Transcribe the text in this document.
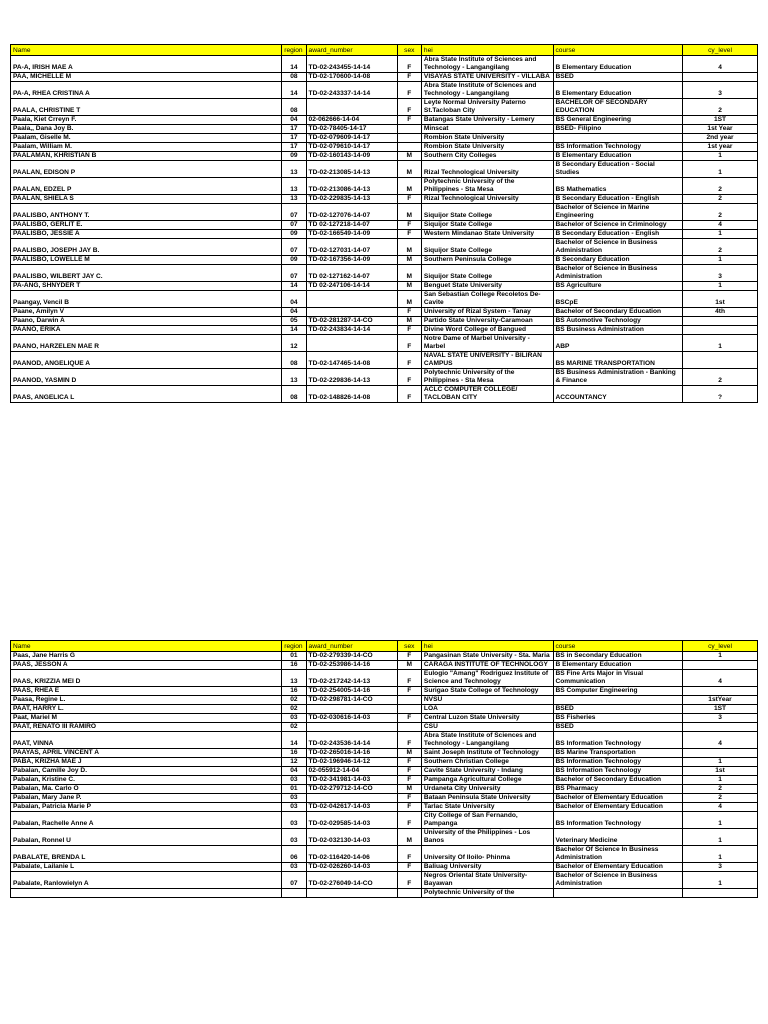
Name	region	award_number	sex	hei	course	cy_level
PA-A, IRISH MAE A	14	TD-02-243455-14-14	F	Abra State Institute of Sciences and Technology - Langangilang	B Elementary Education	4
PAA, MICHELLE M	08	TD-02-170600-14-08	F	VISAYAS STATE UNIVERSITY - VILLABA	BSED	
PA-A, RHEA CRISTINA A	14	TD-02-243337-14-14	F	Abra State Institute of Sciences and Technology - Langangilang	B Elementary Education	3
PAALA, CHRISTINE T	08		F	Leyte Normal University Paterno St.Tacloban City	BACHELOR OF SECONDARY EDUCATION	2
Paala, Kiet Crreyn F.	04	02-062666-14-04	F	Batangas State University - Lemery	BS General Engineering	1ST
Paala,, Dana Joy B.	17	TD-02-78405-14-17		Minscat	BSED- Filipino	1st Year
Paalam, Giselle M.	17	TD-02-079609-14-17		Rombion State University		2nd year
Paalam, William M.	17	TD-02-079610-14-17		Rombion State University	BS Information Technology	1st year
PAALAMAN, KHRISTIAN B	09	TD-02-160143-14-09	M	Southern City Colleges	B Elementary Education	1
PAALAN, EDISON P	13	TD-02-213085-14-13	M	Rizal Technological University	B Secondary Education - Social Studies	1
PAALAN, EDZEL P	13	TD-02-213086-14-13	M	Polytechnic University of the Philippines - Sta Mesa	BS Mathematics	2
PAALAN, SHIELA S	13	TD-02-229835-14-13	F	Rizal Technological University	B Secondary Education - English	2
PAALISBO, ANTHONY T.	07	TD-02-127076-14-07	M	Siquijor State College	Bachelor of Science in Marine Engineering	2
PAALISBO, GERLIT E.	07	TD 02-127218-14-07	F	Siquijor State College	Bachelor of Science in Criminology	4
PAALISBO, JESSIE A	09	TD-02-166549-14-09	F	Western Mindanao State University	B Secondary Education - English	1
PAALISBO, JOSEPH JAY B.	07	TD-02-127031-14-07	M	Siquijor State College	Bachelor of Science in Business Administration	2
PAALISBO, LOWELLE M	09	TD-02-167356-14-09	M	Southern Peninsula College	B Secondary Education	1
PAALISBO, WILBERT JAY C.	07	TD 02-127162-14-07	M	Siquijor State College	Bachelor of Science in Business Administration	3
PA-ANG, SHNYDER T	14	TD 02-247106-14-14	M	Benguet State University	BS Agriculture	1
Paangay, Vencil B	04		M	San Sebastian College Recoletos De-Cavite	BSCpE	1st
Paane, Amilyn V	04		F	University of Rizal System - Tanay	Bachelor of Secondary Education	4th
Paano, Darwin A	05	TD-02-281287-14-CO	M	Partido State University-Caramoan	BS Automotive Technology	
PAANO, ERIKA	14	TD-02-243834-14-14	F	Divine Word College of Bangued	BS Business Administration	
PAANO, HARZELEN MAE R	12		F	Notre Dame of Marbel University - Marbel	ABP	1
PAANOD, ANGELIQUE A	08	TD-02-147465-14-08	F	NAVAL STATE UNIVERSITY - BILIRAN CAMPUS	BS MARINE TRANSPORTATION	
PAANOD, YASMIN D	13	TD-02-229836-14-13	F	Polytechnic University of the Philippines - Sta Mesa	BS Business Administration - Banking & Finance	2
PAAS, ANGELICA L	08	TD-02-148826-14-08	F	ACLC COMPUTER COLLEGE/ TACLOBAN CITY	ACCOUNTANCY	?
Name	region	award_number	sex	hei	course	cy_level
Paas, Jane Harris G	01	TD-02-279339-14-CO	F	Pangasinan State University - Sta. Maria	BS in Secondary Education	1
PAAS, JESSON A	16	TD-02-253986-14-16	M	CARAGA INSTITUTE OF TECHNOLOGY	B Elementary Education	
PAAS, KRIZZIA MEI D	13	TD-02-217242-14-13	F	Eulogio "Amang" Rodriguez Institute of Science and Technology	BS Fine Arts Major in Visual Communication	4
PAAS, RHEA E	16	TD-02-254005-14-16	F	Surigao State College of Technology	BS Computer Engineering	
Paasa, Regine L.	02	TD-02-298781-14-CO		NVSU		1stYear
PAAT, HARRY L.	02			LOA	BSED	1ST
Paat, Mariel M	03	TD-02-030616-14-03	F	Central Luzon State University	BS Fisheries	3
PAAT, RENATO III RAMIRO	02			CSU	BSED	
PAAT, VINNA	14	TD-02-243536-14-14	F	Abra State Institute of Sciences and Technology - Langangilang	BS Information Technology	4
PAAYAS, APRIL VINCENT A	16	TD-02-265016-14-16	M	Saint Joseph Institute of Technology	BS Marine Transportation	
PABA, KRIZHA MAE J	12	TD-02-196946-14-12	F	Southern Christian College	BS Information Technology	1
Pabalan, Camille Joy D.	04	02-055912-14-04	F	Cavite State University - Indang	BS Information Technology	1st
Pabalan, Kristine C.	03	TD-02-341981-14-03	F	Pampanga Agricultural College	Bachelor of Secondary Education	1
Pabalan, Ma. Carlo O	01	TD-02-279712-14-CO	M	Urdaneta City University	BS Pharmacy	2
Pabalan, Mary Jane P.	03		F	Bataan Peninsula State University	Bachelor of Elementary Education	2
Pabalan, Patricia Marie P	03	TD-02-042617-14-03	F	Tarlac State University	Bachelor of Elementary Education	4
Pabalan, Rachelle Anne A	03	TD-02-029585-14-03	F	City College of San Fernando, Pampanga	BS Information Technology	1
Pabalan, Ronnel U	03	TD-02-032130-14-03	M	University of the Philippines - Los Banos	Veterinary Medicine	1
PABALATE, BRENDA L	06	TD-02-116420-14-06	F	University Of Iloilo- Phinma	Bachelor Of Science In Business Administration	1
Pabalate, Lailanie L	03	TD-02-026260-14-03	F	Baliuag University	Bachelor of Elementary Education	3
Pabalate, Ranlowielyn A	07	TD-02-276049-14-CO	F	Negros Oriental State University- Bayawan	Bachelor of Science in Business Administration	1
				Polytechnic University of the		
